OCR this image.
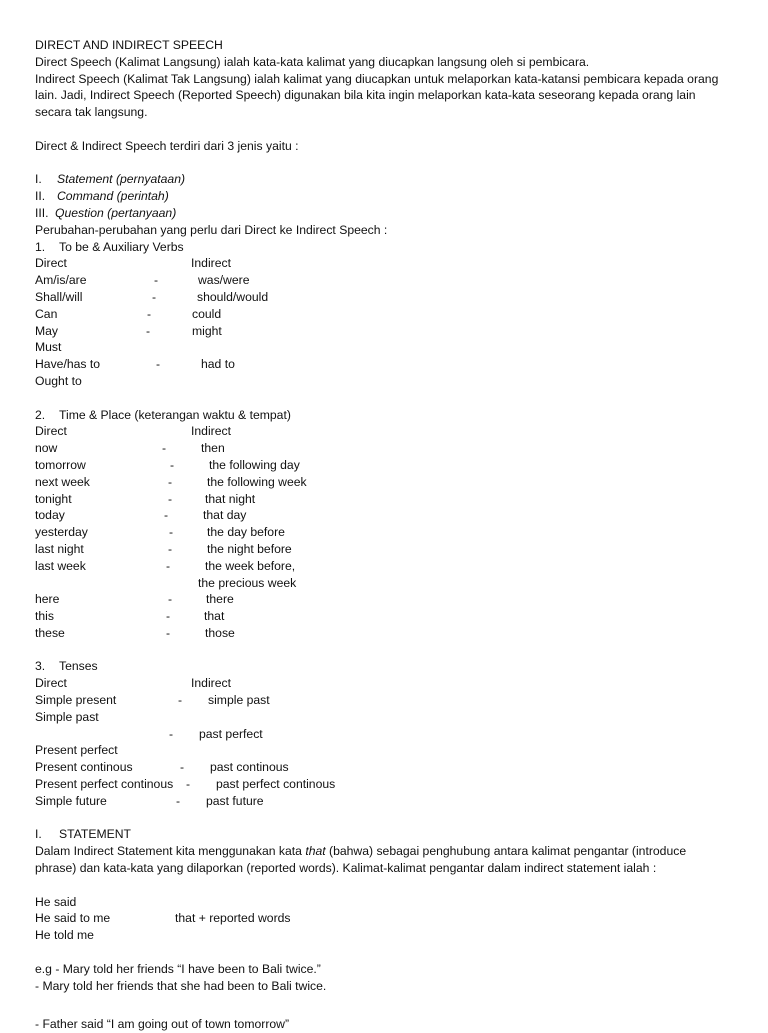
DIRECT AND INDIRECT SPEECH
Direct Speech (Kalimat Langsung) ialah kata-kata kalimat yang diucapkan langsung oleh si pembicara.
Indirect Speech (Kalimat Tak Langsung) ialah kalimat yang diucapkan untuk melaporkan kata-katansi pembicara kepada orang lain. Jadi, Indirect Speech (Reported Speech) digunakan bila kita ingin melaporkan kata-kata seseorang kepada orang lain secara tak langsung.
Direct & Indirect Speech terdiri dari 3 jenis yaitu :
I. Statement (pernyataan)
II. Command (perintah)
III. Question (pertanyaan)
Perubahan-perubahan yang perlu dari Direct ke Indirect Speech :
1. To be & Auxiliary Verbs
Direct	Indirect
Am/is/are	-	was/were
Shall/will	-	should/would
Can	-	could
May	-	might
Must
Have/has to	-	had to
Ought to
2. Time & Place (keterangan waktu & tempat)
Direct	Indirect
now	-	then
tomorrow	-	the following day
next week	-	the following week
tonight	-	that night
today	-	that day
yesterday	-	the day before
last night	-	the night before
last week	-	the week before,
the precious week
here	-	there
this	-	that
these	-	those
3. Tenses
Direct	Indirect
Simple present	- simple past
Simple past
- past perfect
Present perfect
Present continous	- past continous
Present perfect continous - past perfect continous
Simple future	- past future
I. STATEMENT
Dalam Indirect Statement kita menggunakan kata that (bahwa) sebagai penghubung antara kalimat pengantar (introduce phrase) dan kata-kata yang dilaporkan (reported words). Kalimat-kalimat pengantar dalam indirect statement ialah :
He said
He said to me	that + reported words
He told me
e.g - Mary told her friends “I have been to Bali twice.”
- Mary told her friends that she had been to Bali twice.
- Father said “I am going out of town tomorrow”
